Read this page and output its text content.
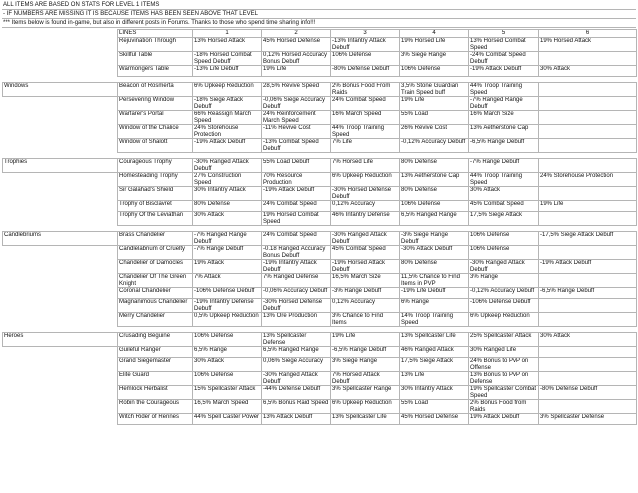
ALL ITEMS ARE BASED ON STATS FOR LEVEL 1 ITEMS
- IF NUMBERS ARE MISSING IT IS BECAUSE ITEMS HAS BEEN SEEN ABOVE THAT LEVEL
*** Items below is found in-game, but also in different posts in Forums. Thanks to those who spend time sharing info!!!
	LINES	1	2	3	4	5	6
	Rejuvination Through	13% Horsed Attack	45% Horsed Defense	-13% Infantry Attack Debuff	19% Horsed Life	13% Horsed Combat Speed	19% Horsed Attack
	Skillful Table	-18% Horsed Combat Speed Debuff	0,12% Horsed Accuracy Bonus Debuff	106% Defense	3% Siege Range	-24% Combat Speed Debuff	
	Warmongers Table	-13% Life Debuff	19% Life	-80% Defense Debuff	106% Defense	-19% Attack Debuff	30% Attack

Windows	Beacon of Rosmerta	6% Upkeep Reduction	28,5% Revive Speed	2% Bonus Food From Raids	3,5% Stone Guardian Train Speed buff	44% Troop Training Speed	
	Persevering Window	-18% Siege Attack Debuff	-0,06% Siege Accuracy Debuff	24% Combat Speed	19% Life	-7% Ranged Range Debuff	
	Warfarer's Portal	66% Reassign March Speed	24% Reinforcement March Speed	16% March Speed	55% Load	16% March Size	
	Window of the Chalice	24% Storehouse Protection	-11% Revive Cost	44% Troop Training Speed	26% Revive Cost	13% Aetherstone Cap	
	Window of Shalott	-19% Attack Debuff	-13% Combat Speed Debuff	7% Life	-0,12% Accuracy Debuff	-6,5% Range Debuff	

Trophies	Courageous Trophy	-30% Ranged Attack Debuff	55% Load Debuff	7% Horsed Life	80% Defense	-7% Range Debuff	
	Homesteading Trophy	27% Construction Speed	70% Resource Production	6% Upkeep Reduction	13% Aetherstone Cap	44% Troop Training Speed	24% Storehouse Protection
	Sir Galahad's Shield	30% Infantry Attack	-19% Attack Debuff	-30% Horsed Defense Debuff	80% Defense	30% Attack	
	Trophy of Bisclavret	80% Defense	24% Combat Speed	0,12% Accuracy	106% Defense	45% Combat Speed	19% Life
	Trophy Of the Leviathan	30% Attack	19% Horsed Combat Speed	46% Infantry Defense	6,5% Ranged Range	17,5% Siege Attack	

Candlebriums	Brass Chandelier	-7% Ranged Range Debuff	24% Combat Speed	-30% Ranged Attack Debuff	-3% Siege Range Debuff	106% Defense	-17,5% Siege Attack Debuff
	Candlelabrium of Cruelty	-7% Range Debuff	-0.18 Ranged Accuracy Bonus Debuff	45% Combat Speed	-30% Attack Debuff	106% Defense	
	Chandelier of Damocles	19% Attack	-19% Infantry Attack Debuff	-19% Horsed Attack Debuff	80% Defense	-30% Ranged Attack Debuff	-19% Attack Debuff
	Chandelier Of The Green Knight	7% Attack	7% Ranged Defense	16,5% March Size	11,5% Chance to Find Items in PVP	3% Range	
	Coronal Chandelier	-106% Defense Debuff	-0,06% Accuracy Debuff	-3% Range Debuff	-19% Life Debuff	-0,12% Accuracy Debuff	-6,5% Range Debuff
	Magnanimous Chandelier	-19% Infantry Defense Debuff	-30% Horsed Defense Debuff	0,12% Accuracy	6% Range	-106% Defense Debuff	
	Merry Chandelier	0,5% Upkeep Reduction	13% Ore Production	3% Chance to Find Items	14% Troop Training Speed	6% Upkeep Reduction	

Heroes	Crusading Beguine	106% Defense	13% Spellcaster Defense	19% Life	13% Spellcaster Life	25% Spellcaster Attack	30% Attack
	Guileful Ranger	6,5% Range	6,5% Ranged Range	-6,5% Range Debuff	46% Ranged Attack	30% Ranged Life	
	Grand Siegemaster	30% Attack	0,06% Siege Accuracy	3% Siege Range	17,5% Siege Attack	24% Bonus to PvP on Offense	
	Elite Guard	106% Defense	-30% Ranged Attack Debuff	7% Horsed Attack Debuff	13% Life	13% Bonus to PvP on Defense	
	Hemlock Herbalist	15% Spellcaster Attack	-44% Defense Debuff	3% Spellcaster Range	30% Infantry Attack	19% Spellcaster Combat Speed	-80% Defense Debuff
	Robin the Courageous	16,5% March Speed	6,5% Bonus Raid Speed	6% Upkeep Reduction	55% Load	2% Bonus Food from Raids	
	Witch Rider of Rennes	44% Spell Caster Power	13% Attack Debuff	13% Spellcaster Life	45% Horsed Defense	19% Attack Debuff	3% Spellcaster Defense
